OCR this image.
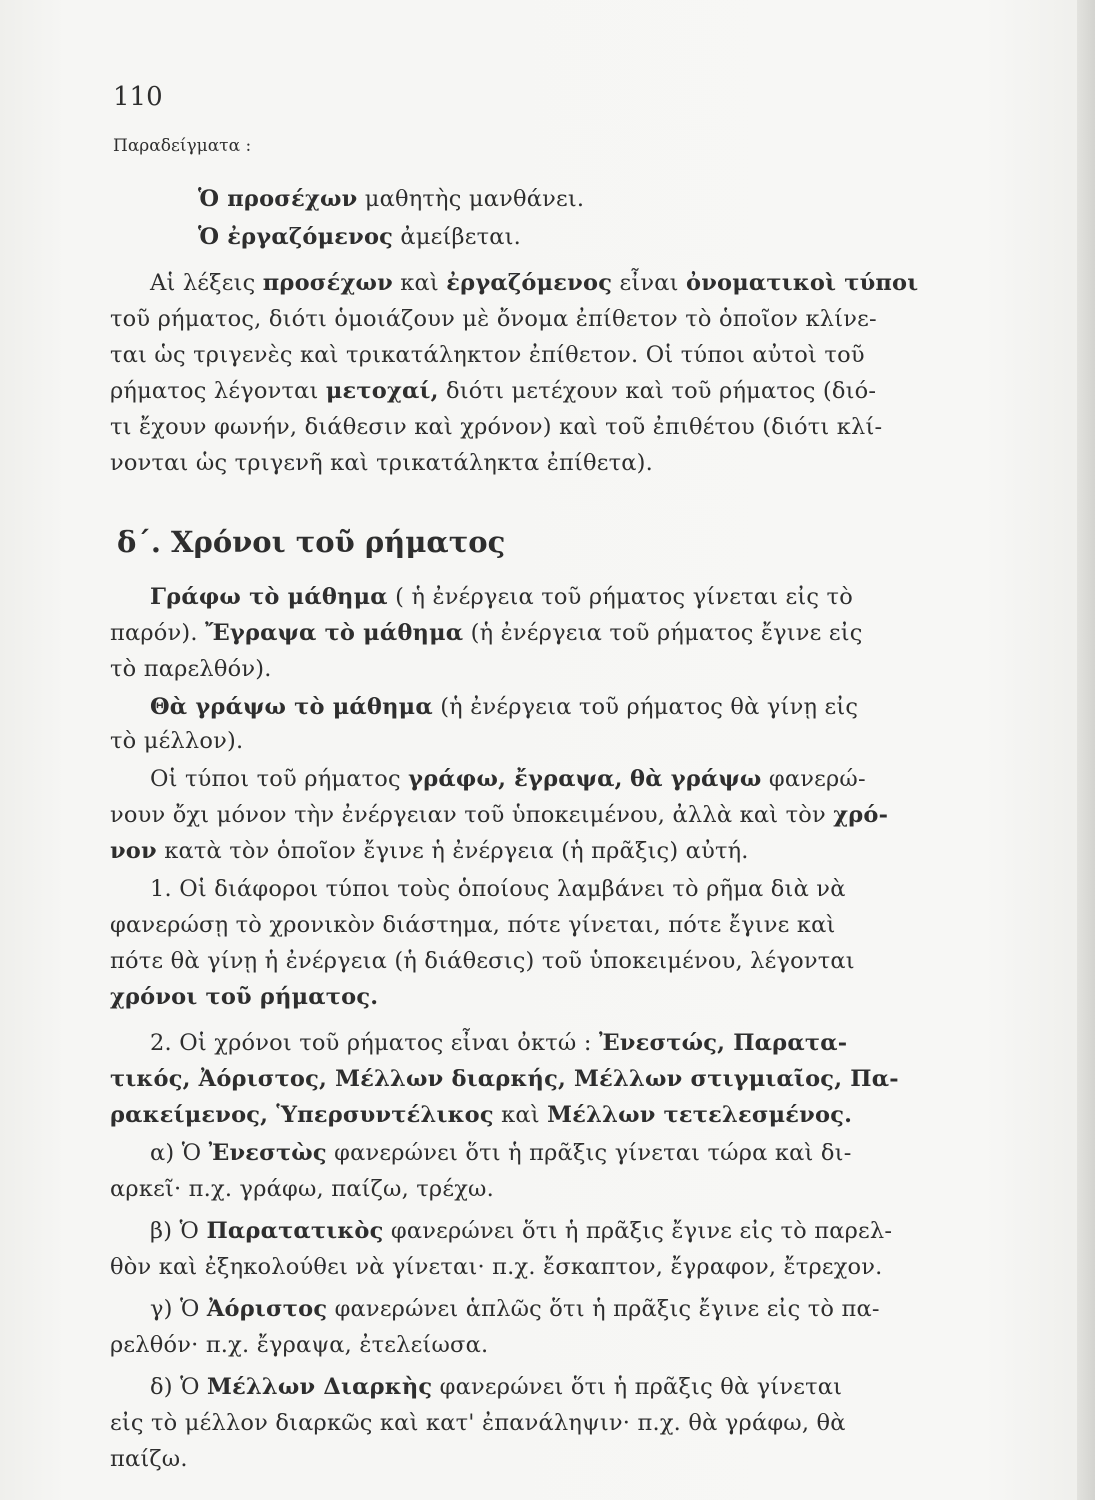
110
Παραδείγματα :
Ὁ προσέχων μαθητὴς μανθάνει.
Ὁ ἐργαζόμενος ἀμείβεται.
Αἱ λέξεις προσέχων καὶ ἐργαζόμενος εἶναι ὀνοματικοὶ τύποι
τοῦ ρήματος, διότι ὁμοιάζουν μὲ ὄνομα ἐπίθετον τὸ ὁποῖον κλίνε-
ται ὡς τριγενὲς καὶ τρικατάληκτον ἐπίθετον. Οἱ τύποι αὐτοὶ τοῦ
ρήματος λέγονται μετοχαί, διότι μετέχουν καὶ τοῦ ρήματος (διό-
τι ἔχουν φωνήν, διάθεσιν καὶ χρόνον) καὶ τοῦ ἐπιθέτου (διότι κλί-
νονται ὡς τριγενῆ καὶ τρικατάληκτα ἐπίθετα).
δ΄. Χρόνοι τοῦ ρήματος
Γράφω τὸ μάθημα ( ἡ ἐνέργεια τοῦ ρήματος γίνεται εἰς τὸ
παρόν). Ἔγραψα τὸ μάθημα (ἡ ἐνέργεια τοῦ ρήματος ἔγινε εἰς
τὸ παρελθόν).
Θὰ γράψω τὸ μάθημα (ἡ ἐνέργεια τοῦ ρήματος θὰ γίνῃ εἰς
τὸ μέλλον).
Οἱ τύποι τοῦ ρήματος γράφω, ἔγραψα, θὰ γράψω φανερώ-
νουν ὄχι μόνον τὴν ἐνέργειαν τοῦ ὑποκειμένου, ἀλλὰ καὶ τὸν χρό-
νον κατὰ τὸν ὁποῖον ἔγινε ἡ ἐνέργεια (ἡ πρᾶξις) αὐτή.
1. Οἱ διάφοροι τύποι τοὺς ὁποίους λαμβάνει τὸ ρῆμα διὰ νὰ
φανερώσῃ τὸ χρονικὸν διάστημα, πότε γίνεται, πότε ἔγινε καὶ
πότε θὰ γίνῃ ἡ ἐνέργεια (ἡ διάθεσις) τοῦ ὑποκειμένου, λέγονται
χρόνοι τοῦ ρήματος.
2. Οἱ χρόνοι τοῦ ρήματος εἶναι ὀκτώ : Ἐνεστώς, Παρατα-
τικός, Ἀόριστος, Μέλλων διαρκής, Μέλλων στιγμιαῖος, Πα-
ρακείμενος, Ὑπερσυντέλικος καὶ Μέλλων τετελεσμένος.
α) Ὁ Ἐνεστὼς φανερώνει ὅτι ἡ πρᾶξις γίνεται τώρα καὶ δι-
αρκεῖ· π.χ. γράφω, παίζω, τρέχω.
β) Ὁ Παρατατικὸς φανερώνει ὅτι ἡ πρᾶξις ἔγινε εἰς τὸ παρελ-
θὸν καὶ ἐξηκολούθει νὰ γίνεται· π.χ. ἔσκαπτον, ἔγραφον, ἔτρεχον.
γ) Ὁ Ἀόριστος φανερώνει ἁπλῶς ὅτι ἡ πρᾶξις ἔγινε εἰς τὸ πα-
ρελθόν· π.χ. ἔγραψα, ἐτελείωσα.
δ) Ὁ Μέλλων Διαρκὴς φανερώνει ὅτι ἡ πρᾶξις θὰ γίνεται
εἰς τὸ μέλλον διαρκῶς καὶ κατ' ἐπανάληψιν· π.χ. θὰ γράφω, θὰ
παίζω.
